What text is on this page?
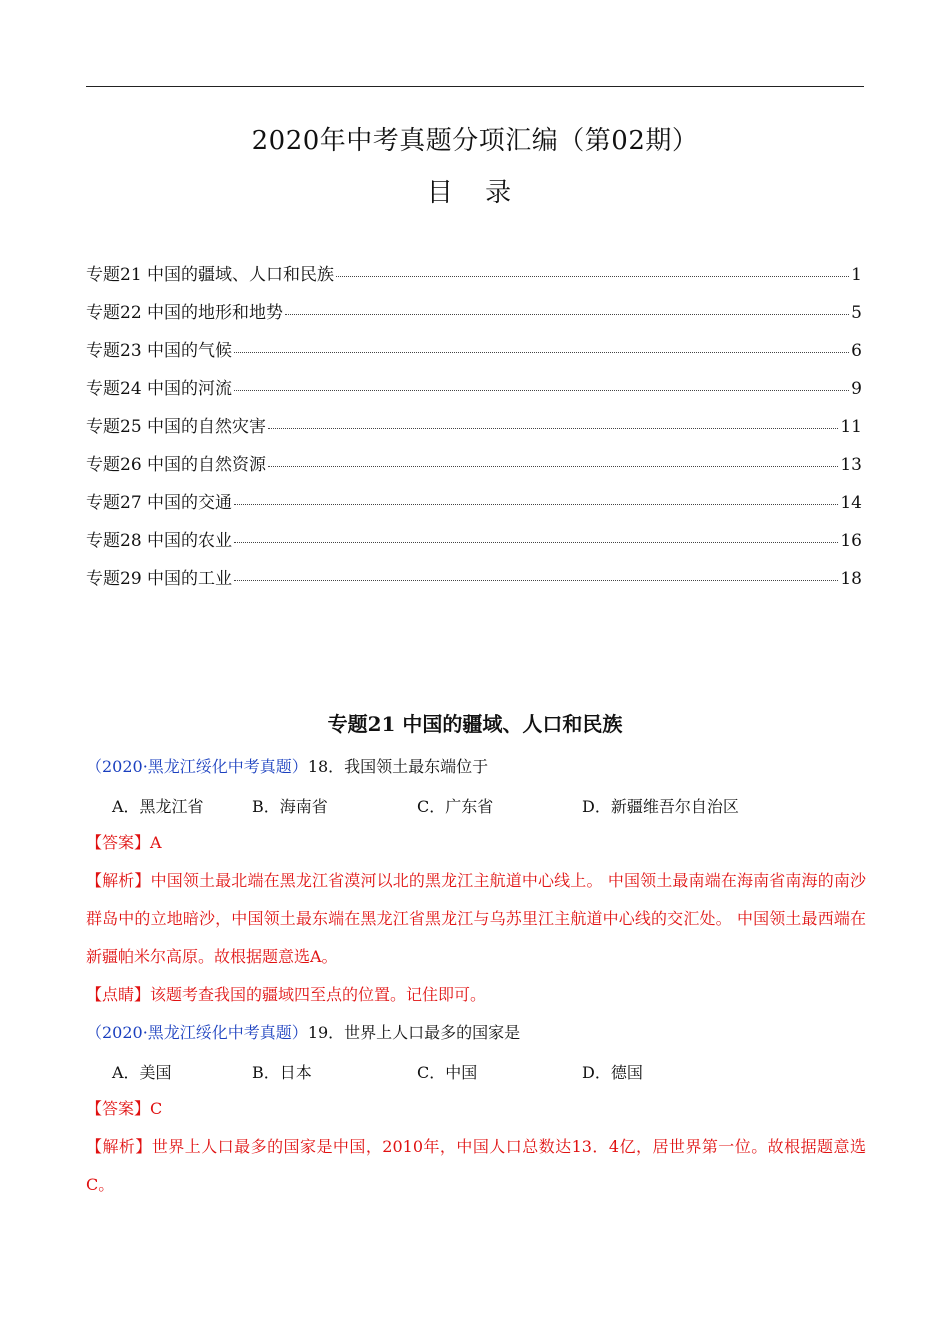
2020年中考真题分项汇编（第02期）
目 录
专题21 中国的疆域、人口和民族	1
专题22 中国的地形和地势	5
专题23 中国的气候	6
专题24 中国的河流	9
专题25 中国的自然灾害	11
专题26 中国的自然资源	13
专题27 中国的交通	14
专题28 中国的农业	16
专题29 中国的工业	18
专题21 中国的疆域、人口和民族
（2020·黑龙江绥化中考真题）18．我国领土最东端位于
A．黑龙江省	B．海南省	C．广东省	D．新疆维吾尔自治区
【答案】A
【解析】中国领土最北端在黑龙江省漠河以北的黑龙江主航道中心线上。 中国领土最南端在海南省南海的南沙群岛中的立地暗沙，中国领土最东端在黑龙江省黑龙江与乌苏里江主航道中心线的交汇处。 中国领土最西端在新疆帕米尔高原。故根据题意选A。
【点睛】该题考查我国的疆域四至点的位置。记住即可。
（2020·黑龙江绥化中考真题）19．世界上人口最多的国家是
A．美国	B．日本	C．中国	D．德国
【答案】C
【解析】世界上人口最多的国家是中国，2010年，中国人口总数达13．4亿，居世界第一位。故根据题意选C。
